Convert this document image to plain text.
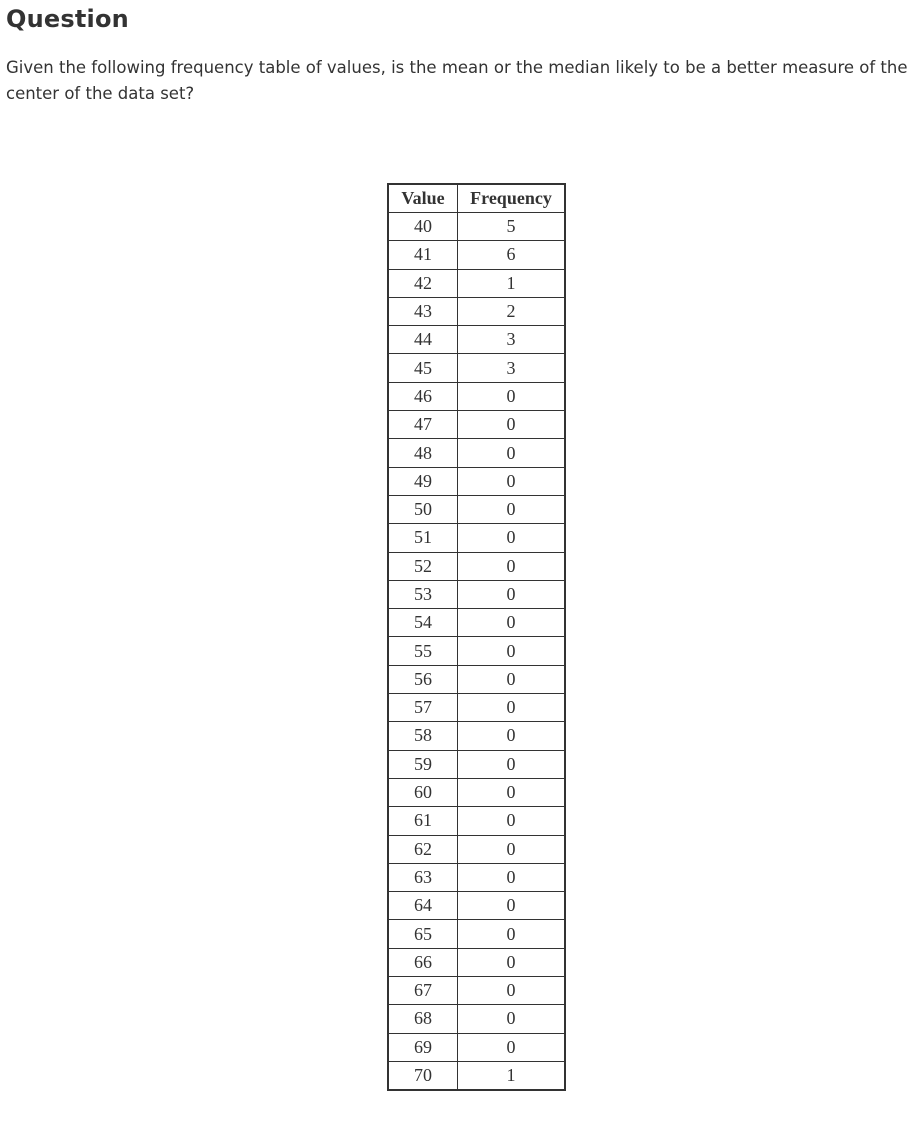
Question

Given the following frequency table of values, is the mean or the median likely to be a better measure of the center of the data set?

Value	Frequency
40	5
41	6
42	1
43	2
44	3
45	3
46	0
47	0
48	0
49	0
50	0
51	0
52	0
53	0
54	0
55	0
56	0
57	0
58	0
59	0
60	0
61	0
62	0
63	0
64	0
65	0
66	0
67	0
68	0
69	0
70	1
